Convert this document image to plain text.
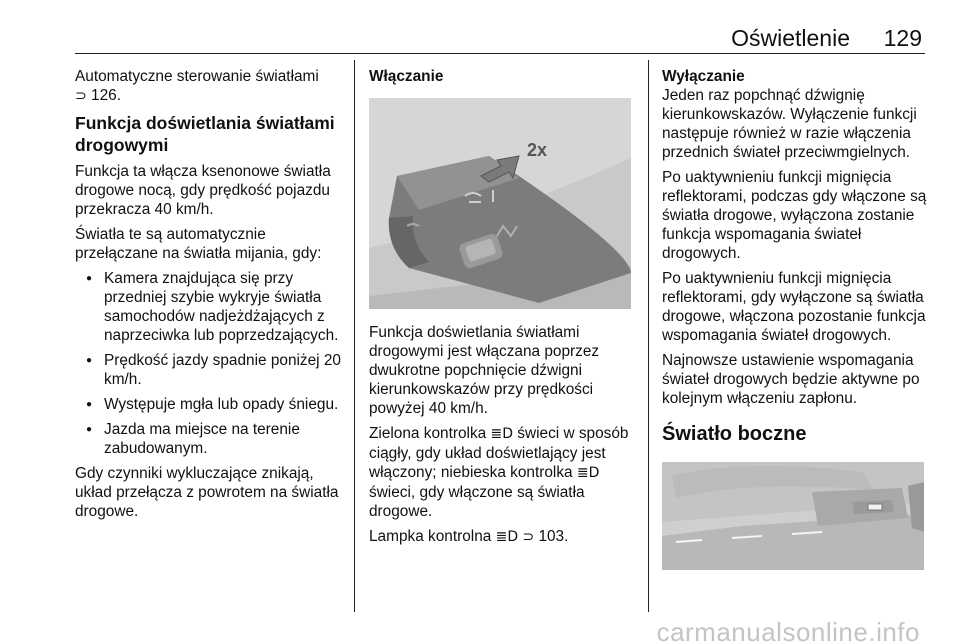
Oświetlenie	129

Automatyczne sterowanie światłami
⊃ 126.

Funkcja doświetlania światłami drogowymi

Funkcja ta włącza ksenonowe światła drogowe nocą, gdy prędkość pojazdu przekracza 40 km/h.

Światła te są automatycznie przełączane na światła mijania, gdy:

● Kamera znajdująca się przy przedniej szybie wykryje światła samochodów nadjeżdżających z naprzeciwka lub poprzedzających.
● Prędkość jazdy spadnie poniżej 20 km/h.
● Występuje mgła lub opady śniegu.
● Jazda ma miejsce na terenie zabudowanym.

Gdy czynniki wykluczające znikają, układ przełącza z powrotem na światła drogowe.

Włączanie
2x

Funkcja doświetlania światłami drogowymi jest włączana poprzez dwukrotne popchnięcie dźwigni kierunkowskazów przy prędkości powyżej 40 km/h.

Zielona kontrolka ≣D świeci w sposób ciągły, gdy układ doświetlający jest włączony; niebieska kontrolka ≣D świeci, gdy włączone są światła drogowe.

Lampka kontrolna ≣D ⊃ 103.

Wyłączanie

Jeden raz popchnąć dźwignię kierunkowskazów. Wyłączenie funkcji następuje również w razie włączenia przednich świateł przeciwmgielnych.

Po uaktywnieniu funkcji mignięcia reflektorami, podczas gdy włączone są światła drogowe, wyłączona zostanie funkcja wspomagania świateł drogowych.

Po uaktywnieniu funkcji mignięcia reflektorami, gdy wyłączone są światła drogowe, włączona pozostanie funkcja wspomagania świateł drogowych.

Najnowsze ustawienie wspomagania świateł drogowych będzie aktywne po kolejnym włączeniu zapłonu.

Światło boczne
carmanualsonline.info
